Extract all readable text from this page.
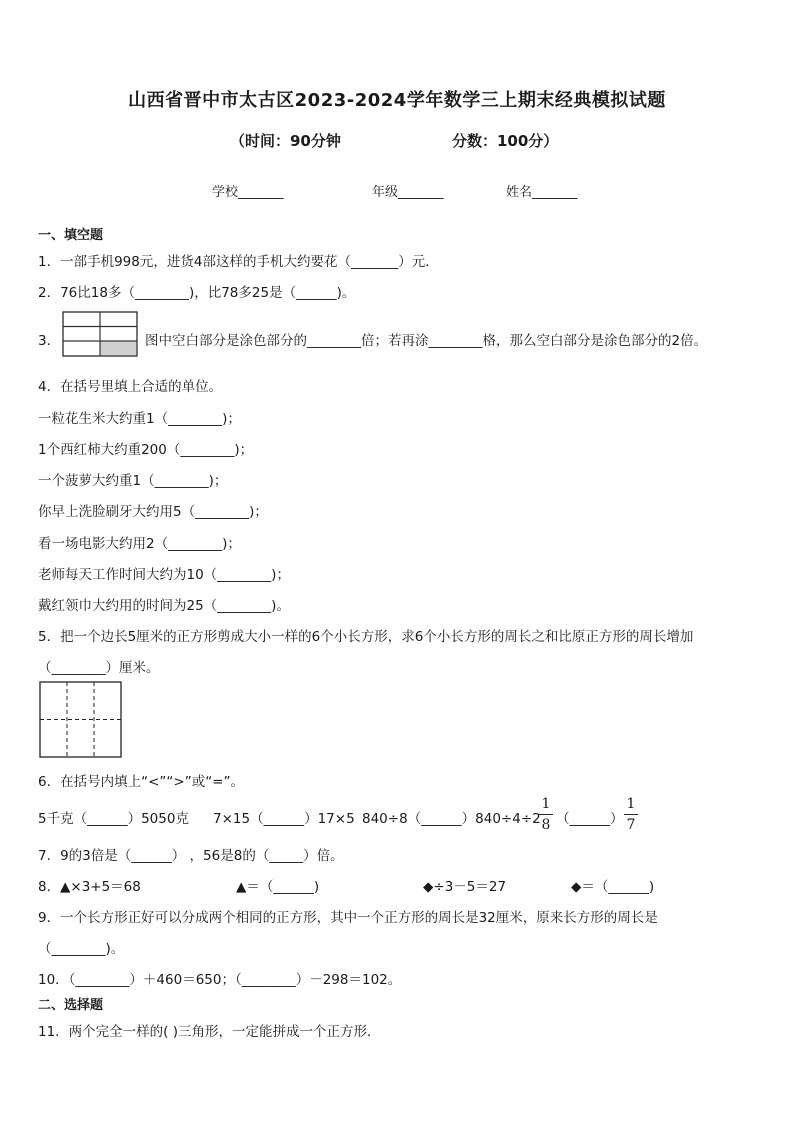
山西省晋中市太古区2023-2024学年数学三上期末经典模拟试题
（时间：90分钟	分数：100分）
学校_______	年级_______	姓名_______
一、填空题
1．一部手机998元，进货4部这样的手机大约要花（_______）元．
2．76比18多（________)，比78多25是（______)。
3．	图中空白部分是涂色部分的________倍；若再涂________格，那么空白部分是涂色部分的2倍。
4．在括号里填上合适的单位。
一粒花生米大约重1（________)；
1个西红柿大约重200（________)；
一个菠萝大约重1（________)；
你早上洗脸刷牙大约用5（________)；
看一场电影大约用2（________)；
老师每天工作时间大约为10（________)；
戴红领巾大约用的时间为25（________)。
5．把一个边长5厘米的正方形剪成大小一样的6个小长方形，求6个小长方形的周长之和比原正方形的周长增加
（________）厘米。
6．在括号内填上“<”“>”或“=”。
5千克（______）5050克 7×15（______）17×5 840÷8（______）840÷4÷2
1
8 （______）
1
7
7．9的3倍是（______） ，56是8的（_____）倍。
8． ▲×3+5＝68	▲＝（______)	◆÷3－5＝27	◆＝（______)
9．一个长方形正好可以分成两个相同的正方形，其中一个正方形的周长是32厘米，原来长方形的周长是
（________)。
10．（________）＋460＝650；（________）－298＝102。
二、选择题
11．两个完全一样的( )三角形，一定能拼成一个正方形．
